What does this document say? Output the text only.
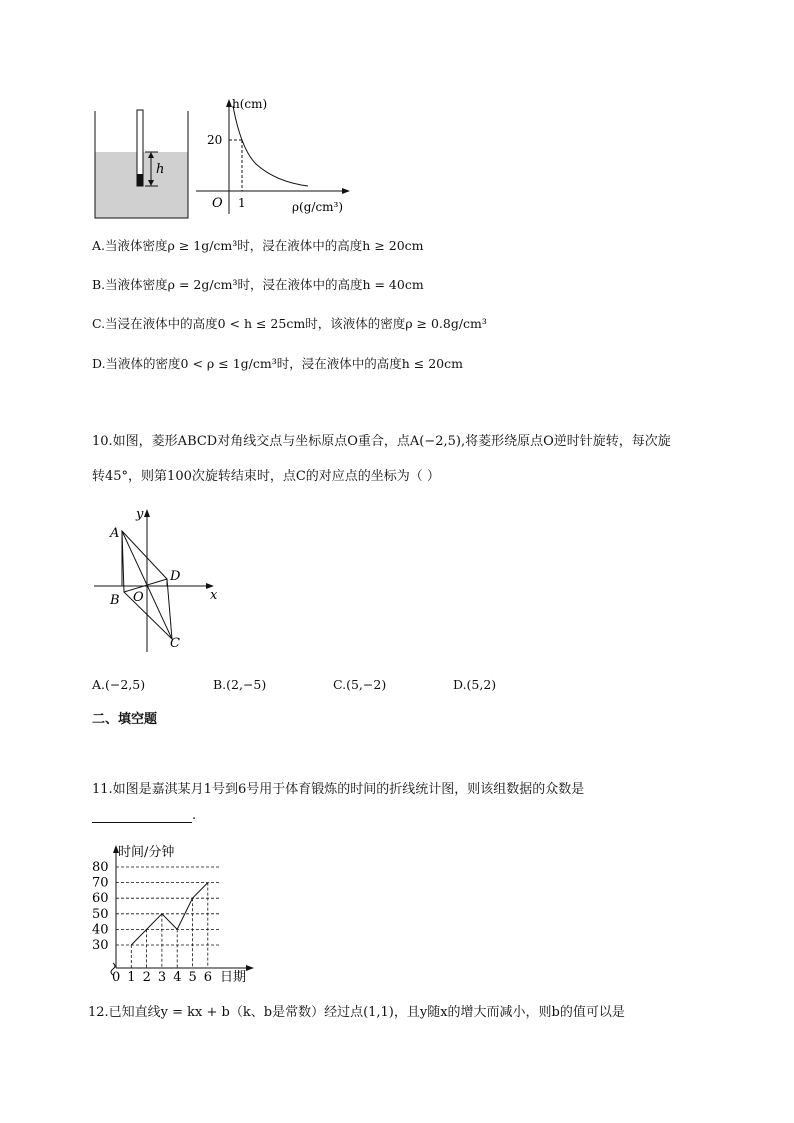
h
h(cm)
20
O 1	ρ(g/cm³)
A.当液体密度ρ ≥ 1g/cm³时，浸在液体中的高度h ≥ 20cm
B.当液体密度ρ = 2g/cm³时，浸在液体中的高度h = 40cm
C.当浸在液体中的高度0 < h ≤ 25cm时，该液体的密度ρ ≥ 0.8g/cm³
D.当液体的密度0 < ρ ≤ 1g/cm³时，浸在液体中的高度h ≤ 20cm
10.如图，菱形ABCD对角线交点与坐标原点O重合，点A(−2,5),将菱形绕原点O逆时针旋转，每次旋
转45°，则第100次旋转结束时，点C的对应点的坐标为（ ）
y
x
A
B O
D
C
A.(−2,5)	B.(2,−5)	C.(5,−2)	D.(5,2)
二、填空题
11.如图是嘉淇某月1号到6号用于体育锻炼的时间的折线统计图，则该组数据的众数是
.
30
40
50
60
70
80
0 1 2 3 4 5 6
时间/分钟
日期
12.已知直线y = kx + b（k、b是常数）经过点(1,1)，且y随x的增大而减小，则b的值可以是
